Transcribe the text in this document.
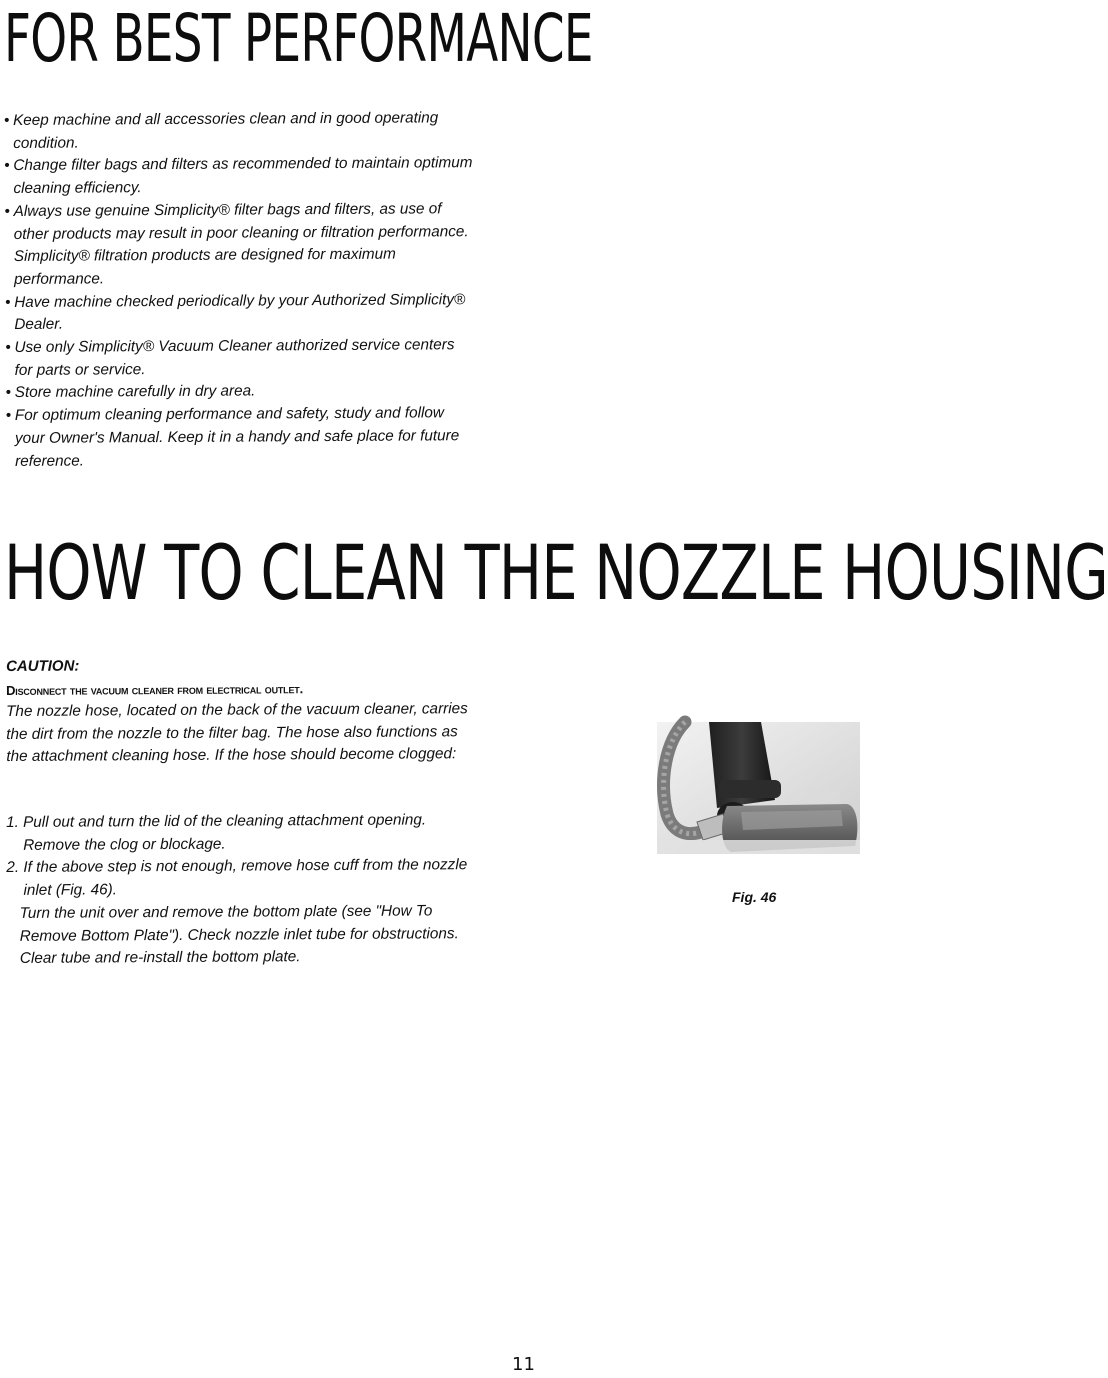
FOR BEST PERFORMANCE
• Keep machine and all accessories clean and in good operating condition.
• Change filter bags and filters as recommended to maintain optimum cleaning efficiency.
• Always use genuine Simplicity® filter bags and filters, as use of other products may result in poor cleaning or filtration performance. Simplicity® filtration products are designed for maximum performance.
• Have machine checked periodically by your Authorized Simplicity® Dealer.
• Use only Simplicity® Vacuum Cleaner authorized service centers for parts or service.
• Store machine carefully in dry area.
• For optimum cleaning performance and safety, study and follow your Owner's Manual. Keep it in a handy and safe place for future reference.
HOW TO CLEAN THE NOZZLE HOUSING
CAUTION:
Disconnect the vacuum cleaner from electrical outlet.
The nozzle hose, located on the back of the vacuum cleaner, carries the dirt from the nozzle to the filter bag. The hose also functions as the attachment cleaning hose. If the hose should become clogged:
1. Pull out and turn the lid of the cleaning attachment opening. Remove the clog or blockage.
2. If the above step is not enough, remove hose cuff from the nozzle inlet (Fig. 46).
Turn the unit over and remove the bottom plate (see "How To Remove Bottom Plate"). Check nozzle inlet tube for obstructions. Clear tube and re-install the bottom plate.
Fig. 46
11
